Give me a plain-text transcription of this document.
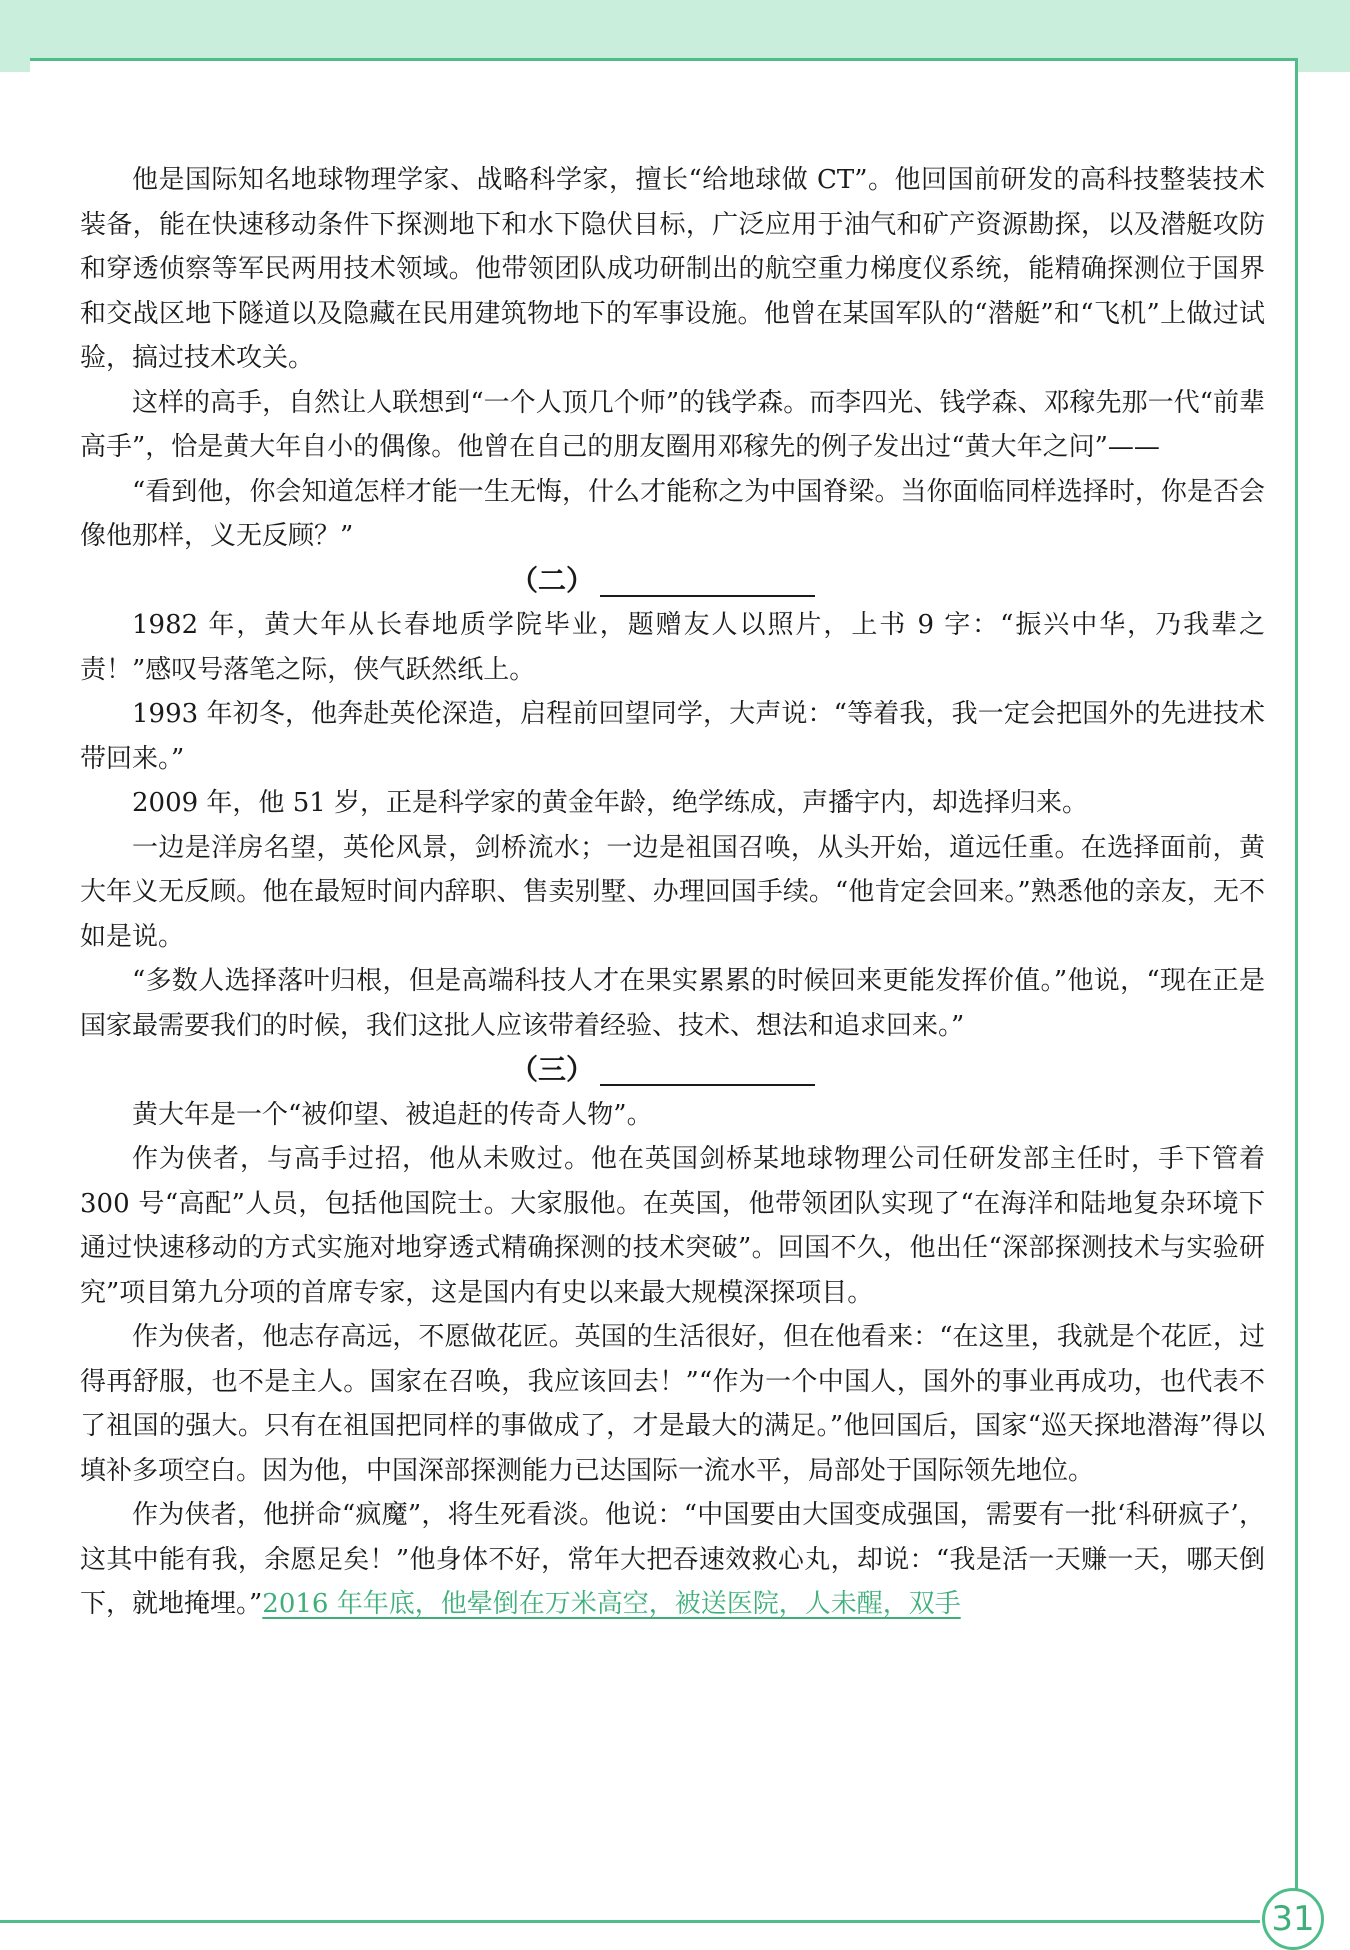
31

他是国际知名地球物理学家、战略科学家，擅长“给地球做 CT”。他回国前研发的高科技整装技术装备，能在快速移动条件下探测地下和水下隐伏目标，广泛应用于油气和矿产资源勘探，以及潜艇攻防和穿透侦察等军民两用技术领域。他带领团队成功研制出的航空重力梯度仪系统，能精确探测位于国界和交战区地下隧道以及隐藏在民用建筑物地下的军事设施。他曾在某国军队的“潜艇”和“飞机”上做过试验，搞过技术攻关。

这样的高手，自然让人联想到“一个人顶几个师”的钱学森。而李四光、钱学森、邓稼先那一代“前辈高手”，恰是黄大年自小的偶像。他曾在自己的朋友圈用邓稼先的例子发出过“黄大年之问”——

“看到他，你会知道怎样才能一生无悔，什么才能称之为中国脊梁。当你面临同样选择时，你是否会像他那样，义无反顾？”

（二）

1982 年，黄大年从长春地质学院毕业，题赠友人以照片，上书 9 字：“振兴中华，乃我辈之责！”感叹号落笔之际，侠气跃然纸上。

1993 年初冬，他奔赴英伦深造，启程前回望同学，大声说：“等着我，我一定会把国外的先进技术带回来。”

2009 年，他 51 岁，正是科学家的黄金年龄，绝学练成，声播宇内，却选择归来。

一边是洋房名望，英伦风景，剑桥流水；一边是祖国召唤，从头开始，道远任重。在选择面前，黄大年义无反顾。他在最短时间内辞职、售卖别墅、办理回国手续。“他肯定会回来。”熟悉他的亲友，无不如是说。

“多数人选择落叶归根，但是高端科技人才在果实累累的时候回来更能发挥价值。”他说，“现在正是国家最需要我们的时候，我们这批人应该带着经验、技术、想法和追求回来。”

（三）

黄大年是一个“被仰望、被追赶的传奇人物”。

作为侠者，与高手过招，他从未败过。他在英国剑桥某地球物理公司任研发部主任时，手下管着 300 号“高配”人员，包括他国院士。大家服他。在英国，他带领团队实现了“在海洋和陆地复杂环境下通过快速移动的方式实施对地穿透式精确探测的技术突破”。回国不久，他出任“深部探测技术与实验研究”项目第九分项的首席专家，这是国内有史以来最大规模深探项目。

作为侠者，他志存高远，不愿做花匠。英国的生活很好，但在他看来：“在这里，我就是个花匠，过得再舒服，也不是主人。国家在召唤，我应该回去！”“作为一个中国人，国外的事业再成功，也代表不了祖国的强大。只有在祖国把同样的事做成了，才是最大的满足。”他回国后，国家“巡天探地潜海”得以填补多项空白。因为他，中国深部探测能力已达国际一流水平，局部处于国际领先地位。

作为侠者，他拼命“疯魔”，将生死看淡。他说：“中国要由大国变成强国，需要有一批‘科研疯子’，这其中能有我，余愿足矣！”他身体不好，常年大把吞速效救心丸，却说：“我是活一天赚一天，哪天倒下，就地掩埋。”2016 年年底，他晕倒在万米高空，被送医院，人未醒，双手
